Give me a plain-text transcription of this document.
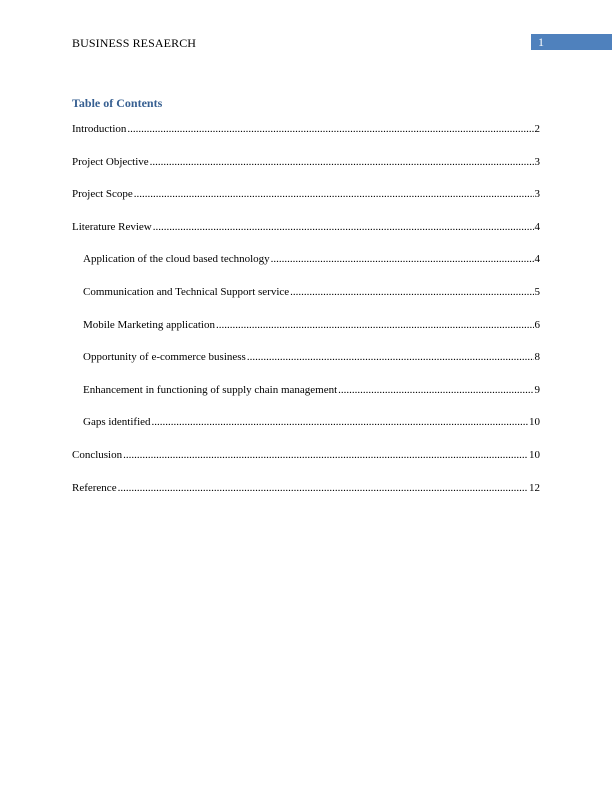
BUSINESS RESAERCH	1
Table of Contents
Introduction .....	2
Project Objective .....	3
Project Scope .....	3
Literature Review .....	4
Application of the cloud based technology .....	4
Communication and Technical Support service .....	5
Mobile Marketing application .....	6
Opportunity of e-commerce business .....	8
Enhancement in functioning of supply chain management .....	9
Gaps identified .....	10
Conclusion .....	10
Reference .....	12
